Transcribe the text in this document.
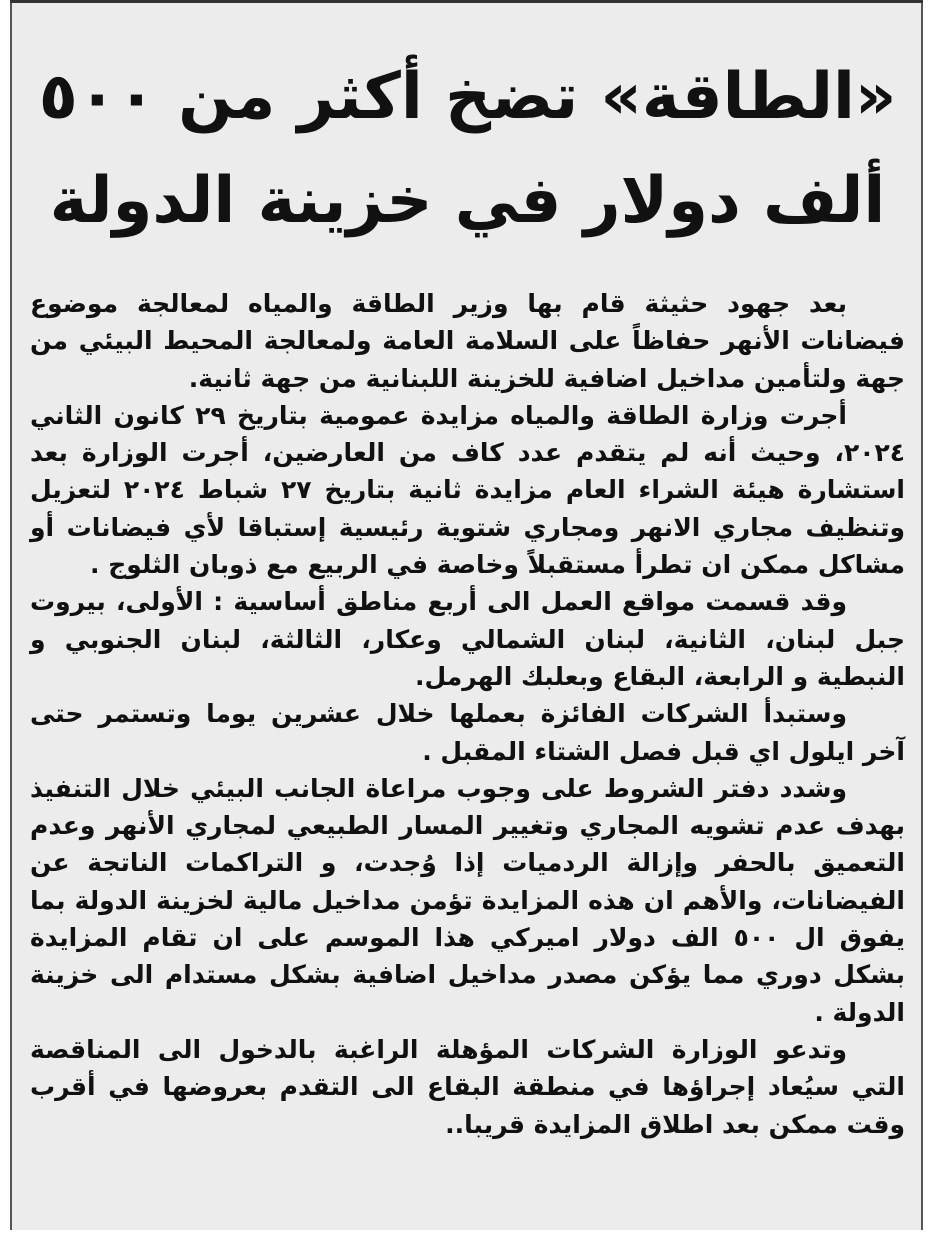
«الطاقة» تضخ أكثر من ٥٠٠
ألف دولار في خزينة الدولة

بعد جهود حثيثة قام بها وزير الطاقة والمياه لمعالجة موضوع فيضانات الأنهر حفاظاً على السلامة العامة ولمعالجة المحيط البيئي من جهة ولتأمين مداخيل اضافية للخزينة اللبنانية من جهة ثانية.

أجرت وزارة الطاقة والمياه مزايدة عمومية بتاريخ ٢٩ كانون الثاني ٢٠٢٤، وحيث أنه لم يتقدم عدد كاف من العارضين، أجرت الوزارة بعد استشارة هيئة الشراء العام مزايدة ثانية بتاريخ ٢٧ شباط ٢٠٢٤ لتعزيل وتنظيف مجاري الانهر ومجاري شتوية رئيسية إستباقا لأي فيضانات أو مشاكل ممكن ان تطرأ مستقبلاً وخاصة في الربيع مع ذوبان الثلوج .

وقد قسمت مواقع العمل الى أربع مناطق أساسية : الأولى، بيروت جبل لبنان، الثانية، لبنان الشمالي وعكار، الثالثة، لبنان الجنوبي و النبطية و الرابعة، البقاع وبعلبك الهرمل.

وستبدأ الشركات الفائزة بعملها خلال عشرين يوما وتستمر حتى آخر ايلول اي قبل فصل الشتاء المقبل .

وشدد دفتر الشروط على وجوب مراعاة الجانب البيئي خلال التنفيذ بهدف عدم تشويه المجاري وتغيير المسار الطبيعي لمجاري الأنهر وعدم التعميق بالحفر وإزالة الردميات إذا وُجدت، و التراكمات الناتجة عن الفيضانات، والأهم ان هذه المزايدة تؤمن مداخيل مالية لخزينة الدولة بما يفوق ال ٥٠٠ الف دولار اميركي هذا الموسم على ان تقام المزايدة بشكل دوري مما يؤكن مصدر مداخيل اضافية بشكل مستدام الى خزينة الدولة .

وتدعو الوزارة الشركات المؤهلة الراغبة بالدخول الى المناقصة التي سيُعاد إجراؤها في منطقة البقاع الى التقدم بعروضها في أقرب وقت ممكن بعد اطلاق المزايدة قريبا..
